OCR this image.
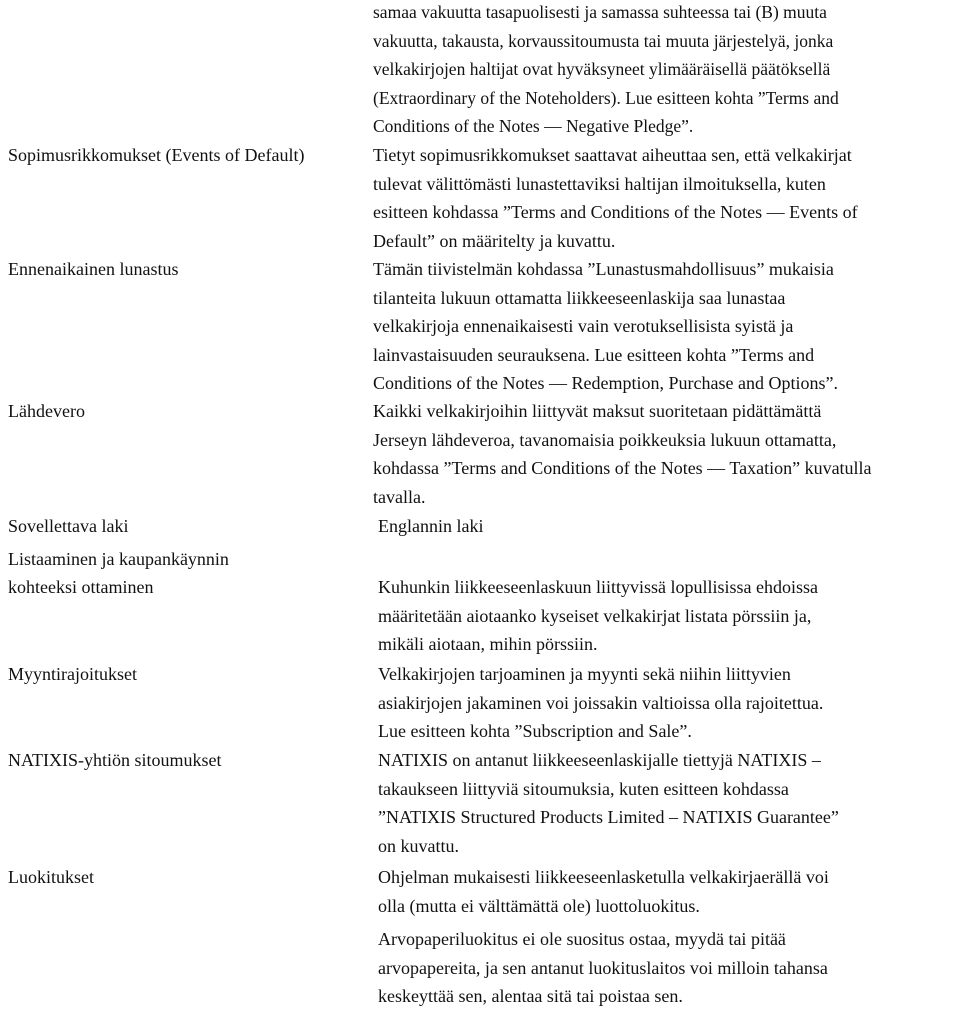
samaa vakuutta tasapuolisesti ja samassa suhteessa tai (B) muuta
vakuutta, takausta, korvaussitoumusta tai muuta järjestelyä, jonka
velkakirjojen haltijat ovat hyväksyneet ylimääräisellä päätöksellä
(Extraordinary of the Noteholders). Lue esitteen kohta ”Terms and
Conditions of the Notes — Negative Pledge”.
Sopimusrikkomukset (Events of Default)	Tietyt sopimusrikkomukset saattavat aiheuttaa sen, että velkakirjat
tulevat välittömästi lunastettaviksi haltijan ilmoituksella, kuten
esitteen kohdassa ”Terms and Conditions of the Notes — Events of
Default” on määritelty ja kuvattu.
Ennenaikainen lunastus	Tämän tiivistelmän kohdassa ”Lunastusmahdollisuus” mukaisia
tilanteita lukuun ottamatta liikkeeseenlaskija saa lunastaa
velkakirjoja ennenaikaisesti vain verotuksellisista syistä ja
lainvastaisuuden seurauksena. Lue esitteen kohta ”Terms and
Conditions of the Notes — Redemption, Purchase and Options”.
Lähdevero	Kaikki velkakirjoihin liittyvät maksut suoritetaan pidättämättä
Jerseyn lähdeveroa, tavanomaisia poikkeuksia lukuun ottamatta,
kohdassa ”Terms and Conditions of the Notes — Taxation” kuvatulla
tavalla.
Sovellettava laki	Englannin laki
Listaaminen ja kaupankäynnin
kohteeksi ottaminen	Kuhunkin liikkeeseenlaskuun liittyvissä lopullisissa ehdoissa
määritetään aiotaanko kyseiset velkakirjat listata pörssiin ja,
mikäli aiotaan, mihin pörssiin.
Myyntirajoitukset	Velkakirjojen tarjoaminen ja myynti sekä niihin liittyvien
asiakirjojen jakaminen voi joissakin valtioissa olla rajoitettua.
Lue esitteen kohta ”Subscription and Sale”.
NATIXIS-yhtiön sitoumukset	NATIXIS on antanut liikkeeseenlaskijalle tiettyjä NATIXIS –
takaukseen liittyviä sitoumuksia, kuten esitteen kohdassa
”NATIXIS Structured Products Limited – NATIXIS Guarantee”
on kuvattu.
Luokitukset	Ohjelman mukaisesti liikkeeseenlasketulla velkakirjaerällä voi
olla (mutta ei välttämättä ole) luottoluokitus.
Arvopaperiluokitus ei ole suositus ostaa, myydä tai pitää
arvopapereita, ja sen antanut luokituslaitos voi milloin tahansa
keskeyttää sen, alentaa sitä tai poistaa sen.
